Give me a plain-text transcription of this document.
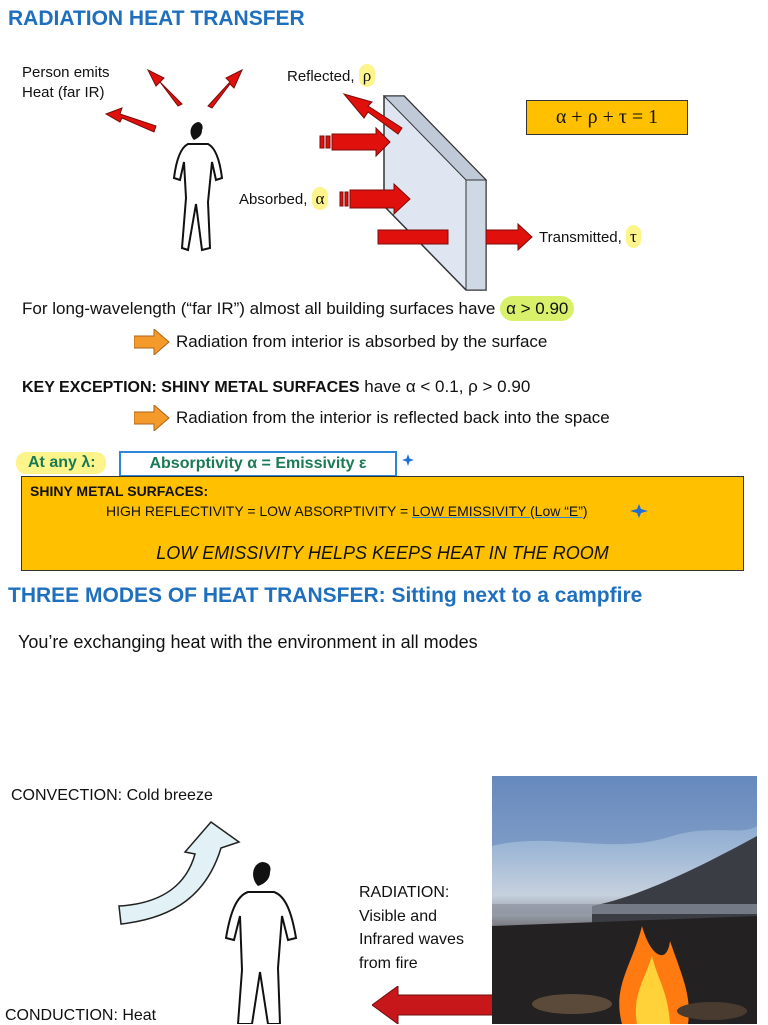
RADIATION HEAT TRANSFER
Person emits
Heat (far IR)
Reflected, ρ
Absorbed, α
Transmitted, τ
α + ρ + τ = 1
For long-wavelength (“far IR”) almost all building surfaces have α > 0.90
Radiation from interior is absorbed by the surface
KEY EXCEPTION: SHINY METAL SURFACES have α < 0.1, ρ > 0.90
Radiation from the interior is reflected back into the space
At any λ:	Absorptivity α = Emissivity ε
SHINY METAL SURFACES:
HIGH REFLECTIVITY = LOW ABSORPTIVITY = LOW EMISSIVITY (Low “E”)
LOW EMISSIVITY HELPS KEEPS HEAT IN THE ROOM
THREE MODES OF HEAT TRANSFER: Sitting next to a campfire
You’re exchanging heat with the environment in all modes
CONVECTION: Cold breeze
RADIATION:
Visible and
Infrared waves
from fire
CONDUCTION: Heat
